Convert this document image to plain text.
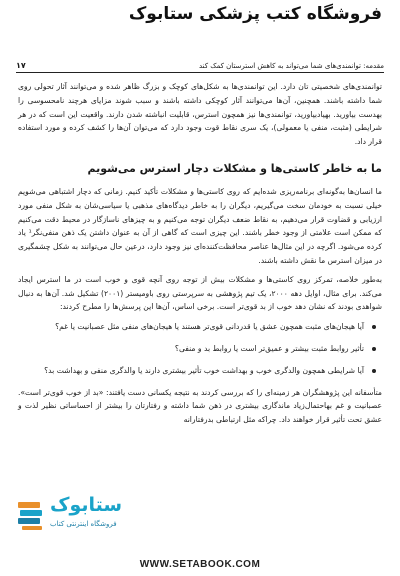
فروشگاه کتب پزشکی ستابوک
مقدمه: توانمندی‌های شما می‌تواند به کاهش استرستان کمک کند
۱۷

توانمندی‌های شخصیتی تان دارد. این توانمندی‌ها به شکل‌های کوچک و بزرگ ظاهر شده و می‌توانند آثار تحولی روی شما داشته باشند. همچنین، آن‌ها می‌توانند آثار کوچکی داشته باشند و سبب شوند مزایای هرچند نامحسوسی را بهدست بیاورید. بهیادبیاورید، توانمندی‌ها نیز همچون استرس، قابلیت انباشته شدن دارند. واقعیت این است که در هر شرایطی (مثبت، منفی یا معمولی)، یک سری نقاط قوت وجود دارد که می‌توان آن‌ها را کشف کرده و مورد استفاده قرار داد.

ما به خاطر کاستی‌ها و مشکلات دچار استرس می‌شویم

ما انسان‌ها به‌گونه‌ای برنامه‌ریزی شده‌ایم که روی کاستی‌ها و مشکلات تأکید کنیم. زمانی که دچار اشتباهی می‌شویم خیلی نسبت به خودمان سخت می‌گیریم، دیگران را به خاطر دیدگاه‌های مذهبی یا سیاسی‌شان به شکل منفی مورد ارزیابی و قضاوت قرار می‌دهیم، به نقاط ضعف دیگران توجه می‌کنیم و به چیزهای ناسازگار در محیط دقت می‌کنیم که ممکن است علامتی از وجود خطر باشند. این چیزی است که گاهی از آن به عنوان داشتن یک ذهن منفی‌نگر¹ یاد کرده می‌شود. اگرچه در این مثال‌ها عناصر محافظت‌کننده‌ای نیز وجود دارد، درعین حال می‌توانند به شکل چشمگیری در میزان استرس ما نقش داشته باشند.

به‌طور خلاصه، تمرکز روی کاستی‌ها و مشکلات بیش از توجه روی آنچه قوی و خوب است در ما استرس ایجاد می‌کند. برای مثال، اوایل دهه ۲۰۰۰، یک تیم پژوهشی به سرپرستی روی باومیستر (۲۰۰۱) تشکیل شد. آن‌ها به دنبال شواهدی بودند که نشان دهد خوب از بد قوی‌تر است. برخی اساس، آن‌ها این پرسش‌ها را مطرح کردند:

آیا هیجان‌های مثبت همچون عشق یا قدردانی قوی‌تر هستند یا هیجان‌های منفی مثل عصبانیت یا غم؟
تأثیر روابط مثبت بیشتر و عمیق‌تر است یا روابط بد و منفی؟
آیا شرایطی همچون والدگری خوب و بهداشت خوب تأثیر بیشتری دارند یا والدگری منفی و بهداشت بد؟

متأسفانه این پژوهشگران هر زمینه‌ای را که بررسی کردند به نتیجه یکسانی دست یافتند: «بد از خوب قوی‌تر است». عصبانیت و غم بهاحتمال‌زیاد ماندگاری بیشتری در ذهن شما داشته و رفتارتان را بیشتر از احساساتی نظیر لذت و عشق تحت تأثیر قرار خواهند داد. چراکه مثل ارتباطی بدرفتارانه

ستابوک
فروشگاه اینترنتی کتاب
WWW.SETABOOK.COM
